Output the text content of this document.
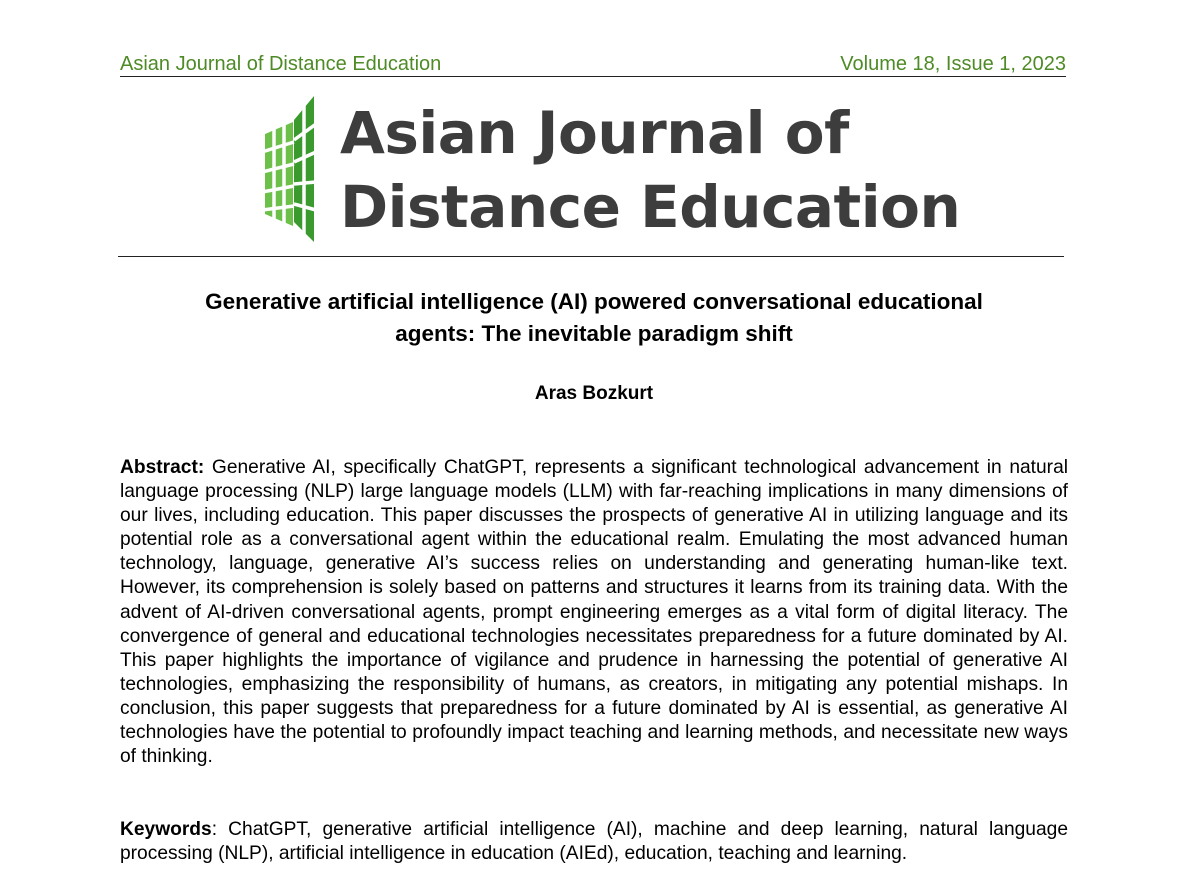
Asian Journal of Distance Education	Volume 18, Issue 1, 2023
Asian Journal of
Distance Education
Generative artificial intelligence (AI) powered conversational educational
agents: The inevitable paradigm shift
Aras Bozkurt

Abstract: Generative AI, specifically ChatGPT, represents a significant technological advancement in natural language processing (NLP) large language models (LLM) with far-reaching implications in many dimensions of our lives, including education. This paper discusses the prospects of generative AI in utilizing language and its potential role as a conversational agent within the educational realm. Emulating the most advanced human technology, language, generative AI’s success relies on understanding and generating human-like text. However, its comprehension is solely based on patterns and structures it learns from its training data. With the advent of AI-driven conversational agents, prompt engineering emerges as a vital form of digital literacy. The convergence of general and educational technologies necessitates preparedness for a future dominated by AI. This paper highlights the importance of vigilance and prudence in harnessing the potential of generative AI technologies, emphasizing the responsibility of humans, as creators, in mitigating any potential mishaps. In conclusion, this paper suggests that preparedness for a future dominated by AI is essential, as generative AI technologies have the potential to profoundly impact teaching and learning methods, and necessitate new ways of thinking.

Keywords: ChatGPT, generative artificial intelligence (AI), machine and deep learning, natural language processing (NLP), artificial intelligence in education (AIEd), education, teaching and learning.
